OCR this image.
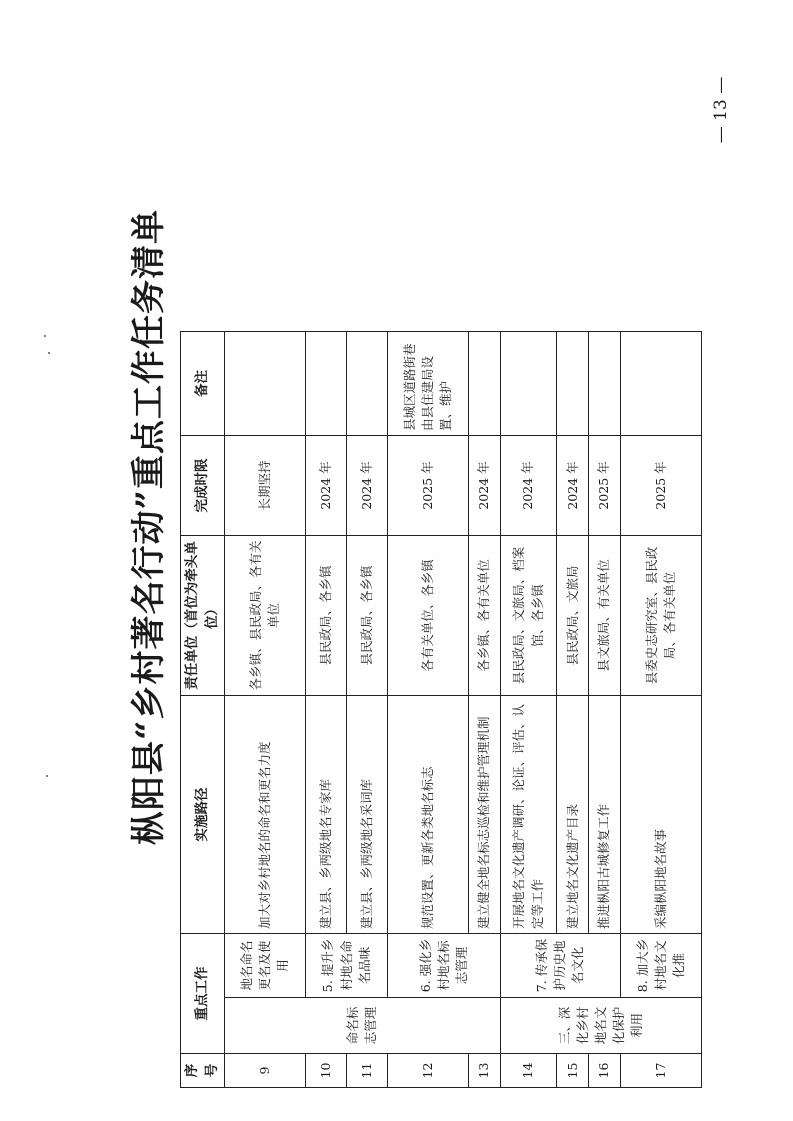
枞阳县“乡村著名行动”重点工作任务清单
— 13 —
序号	重点工作		实施路径	责任单位（首位为牵头单位）	完成时限	备注	
9	命名标志管理	地名命名更名及使用	加大对乡村地名的命名和更名力度	各乡镇、县民政局、各有关单位	长期坚持		
10		5. 提升乡村地名命名品味	建立县、乡两级地名专家库	县民政局、各乡镇	2024 年		
11			建立县、乡两级地名采词库	县民政局、各乡镇	2024 年		
12		6. 强化乡村地名标志管理	规范设置、更新各类地名标志	各有关单位、各乡镇	2025 年	县城区道路街巷由县住建局设置、维护	
13			建立健全地名标志巡检和维护管理机制	各乡镇、各有关单位	2024 年		
14	三、深化乡村地名文化保护利用	7. 传承保护历史地名文化	开展地名文化遗产调研、论证、评估、认定等工作	县民政局、文旅局、档案馆、各乡镇	2024 年		
15			建立地名文化遗产目录	县民政局、文旅局	2024 年		
16			推进枞阳古城修复工作	县文旅局、有关单位	2025 年		
17		8. 加大乡村地名文化推	采编枞阳地名故事	县委史志研究室、县民政局、各有关单位	2025 年		
